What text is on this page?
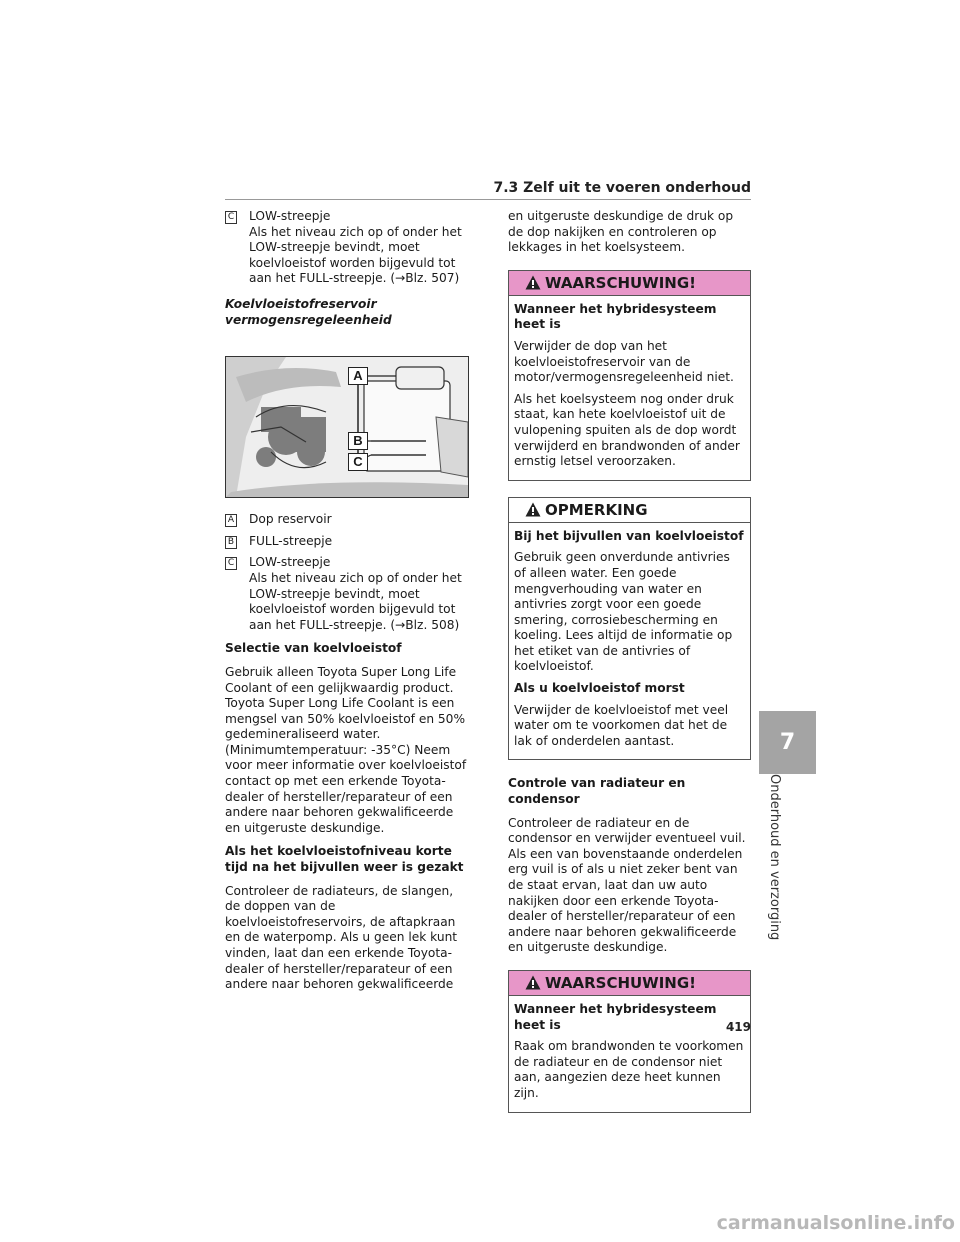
7.3 Zelf uit te voeren onderhoud
C LOW-streepje
Als het niveau zich op of onder het LOW-streepje bevindt, moet koelvloeistof worden bijgevuld tot aan het FULL-streepje. (→Blz. 507)
Koelvloeistofreservoir vermogensregeleenheid
A
B
C
A Dop reservoir
B FULL-streepje
C LOW-streepje
Als het niveau zich op of onder het LOW-streepje bevindt, moet koelvloeistof worden bijgevuld tot aan het FULL-streepje. (→Blz. 508)
Selectie van koelvloeistof

Gebruik alleen Toyota Super Long Life Coolant of een gelijkwaardig product. Toyota Super Long Life Coolant is een mengsel van 50% koelvloeistof en 50% gedemineraliseerd water. (Minimumtemperatuur: -35°C) Neem voor meer informatie over koelvloeistof contact op met een erkende Toyota-dealer of hersteller/reparateur of een andere naar behoren gekwalificeerde en uitgeruste deskundige.

Als het koelvloeistofniveau korte tijd na het bijvullen weer is gezakt

Controleer de radiateurs, de slangen, de doppen van de koelvloeistofreservoirs, de aftapkraan en de waterpomp. Als u geen lek kunt vinden, laat dan een erkende Toyota-dealer of hersteller/reparateur of een andere naar behoren gekwalificeerde

en uitgeruste deskundige de druk op de dop nakijken en controleren op lekkages in het koelsysteem.

WAARSCHUWING!
Wanneer het hybridesysteem heet is

Verwijder de dop van het koelvloeistofreservoir van de motor/vermogensregeleenheid niet.

Als het koelsysteem nog onder druk staat, kan hete koelvloeistof uit de vulopening spuiten als de dop wordt verwijderd en brandwonden of ander ernstig letsel veroorzaken.

OPMERKING
Bij het bijvullen van koelvloeistof

Gebruik geen onverdunde antivries of alleen water. Een goede mengverhouding van water en antivries zorgt voor een goede smering, corrosiebescherming en koeling. Lees altijd de informatie op het etiket van de antivries of koelvloeistof.

Als u koelvloeistof morst

Verwijder de koelvloeistof met veel water om te voorkomen dat het de lak of onderdelen aantast.

Controle van radiateur en condensor

Controleer de radiateur en de condensor en verwijder eventueel vuil. Als een van bovenstaande onderdelen erg vuil is of als u niet zeker bent van de staat ervan, laat dan uw auto nakijken door een erkende Toyota-dealer of hersteller/reparateur of een andere naar behoren gekwalificeerde en uitgeruste deskundige.

WAARSCHUWING!
Wanneer het hybridesysteem heet is

Raak om brandwonden te voorkomen de radiateur en de condensor niet aan, aangezien deze heet kunnen zijn.

7
Onderhoud en verzorging
419
carmanualsonline.info
